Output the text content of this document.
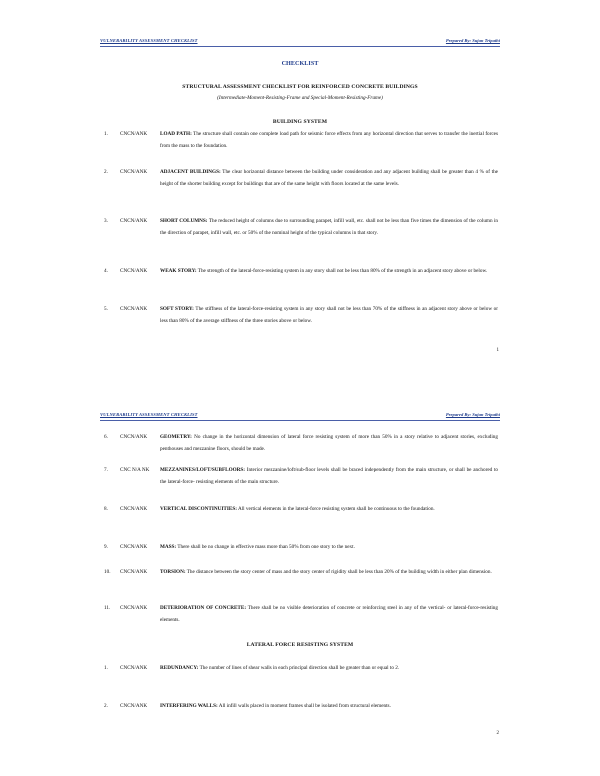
VULNERABILITY ASSESSMENT CHECKLIST	Prepared By: Sujan Tripathi
CHECKLIST
STRUCTURAL ASSESSMENT CHECKLIST FOR REINFORCED CONCRETE BUILDINGS
(Intermediate-Moment-Resisting-Frame and Special-Moment-Resisting-Frame)
BUILDING SYSTEM
1. CNCN/ANK LOAD PATH: The structure shall contain one complete load path for seismic force effects from any horizontal direction that serves to transfer the inertial forces from the mass to the foundation.
2. CNCN/ANK ADJACENT BUILDINGS: The clear horizontal distance between the building under consideration and any adjacent building shall be greater than 4 % of the height of the shorter building except for buildings that are of the same height with floors located at the same levels.
3. CNCN/ANK SHORT COLUMNS: The reduced height of columns due to surrounding parapet, infill wall, etc. shall not be less than five times the dimension of the column in the direction of parapet, infill wall, etc. or 50% of the nominal height of the typical columns in that story.
4. CNCN/ANK WEAK STORY: The strength of the lateral-force-resisting system in any story shall not be less than 80% of the strength in an adjacent story above or below.
5. CNCN/ANK SOFT STORY: The stiffness of the lateral-force-resisting system in any story shall not be less than 70% of the stiffness in an adjacent story above or below or less than 80% of the average stiffness of the three stories above or below.
1
VULNERABILITY ASSESSMENT CHECKLIST	Prepared By: Sujan Tripathi
6. CNCN/ANK GEOMETRY: No change in the horizontal dimension of lateral force resisting system of more than 50% in a story relative to adjacent stories, excluding penthouses and mezzanine floors, should be made.
7. CNC N/A NK MEZZANINES/LOFT/SUBFLOORS: Interior mezzanine/loft/sub-floor levels shall be braced independently from the main structure, or shall be anchored to the lateral-force- resisting elements of the main structure.
8. CNCN/ANK VERTICAL DISCONTINUITIES: All vertical elements in the lateral-force resisting system shall be continuous to the foundation.
9. CNCN/ANK MASS: There shall be no change in effective mass more than 50% from one story to the next.
10. CNCN/ANK TORSION: The distance between the story center of mass and the story center of rigidity shall be less than 20% of the building width in either plan dimension.
11. CNCN/ANK DETERIORATION OF CONCRETE: There shall be no visible deterioration of concrete or reinforcing steel in any of the vertical- or lateral-force-resisting elements.
LATERAL FORCE RESISTING SYSTEM
1. CNCN/ANK REDUNDANCY: The number of lines of shear walls in each principal direction shall be greater than or equal to 2.
2. CNCN/ANK INTERFERING WALLS: All infill walls placed in moment frames shall be isolated from structural elements.
2
